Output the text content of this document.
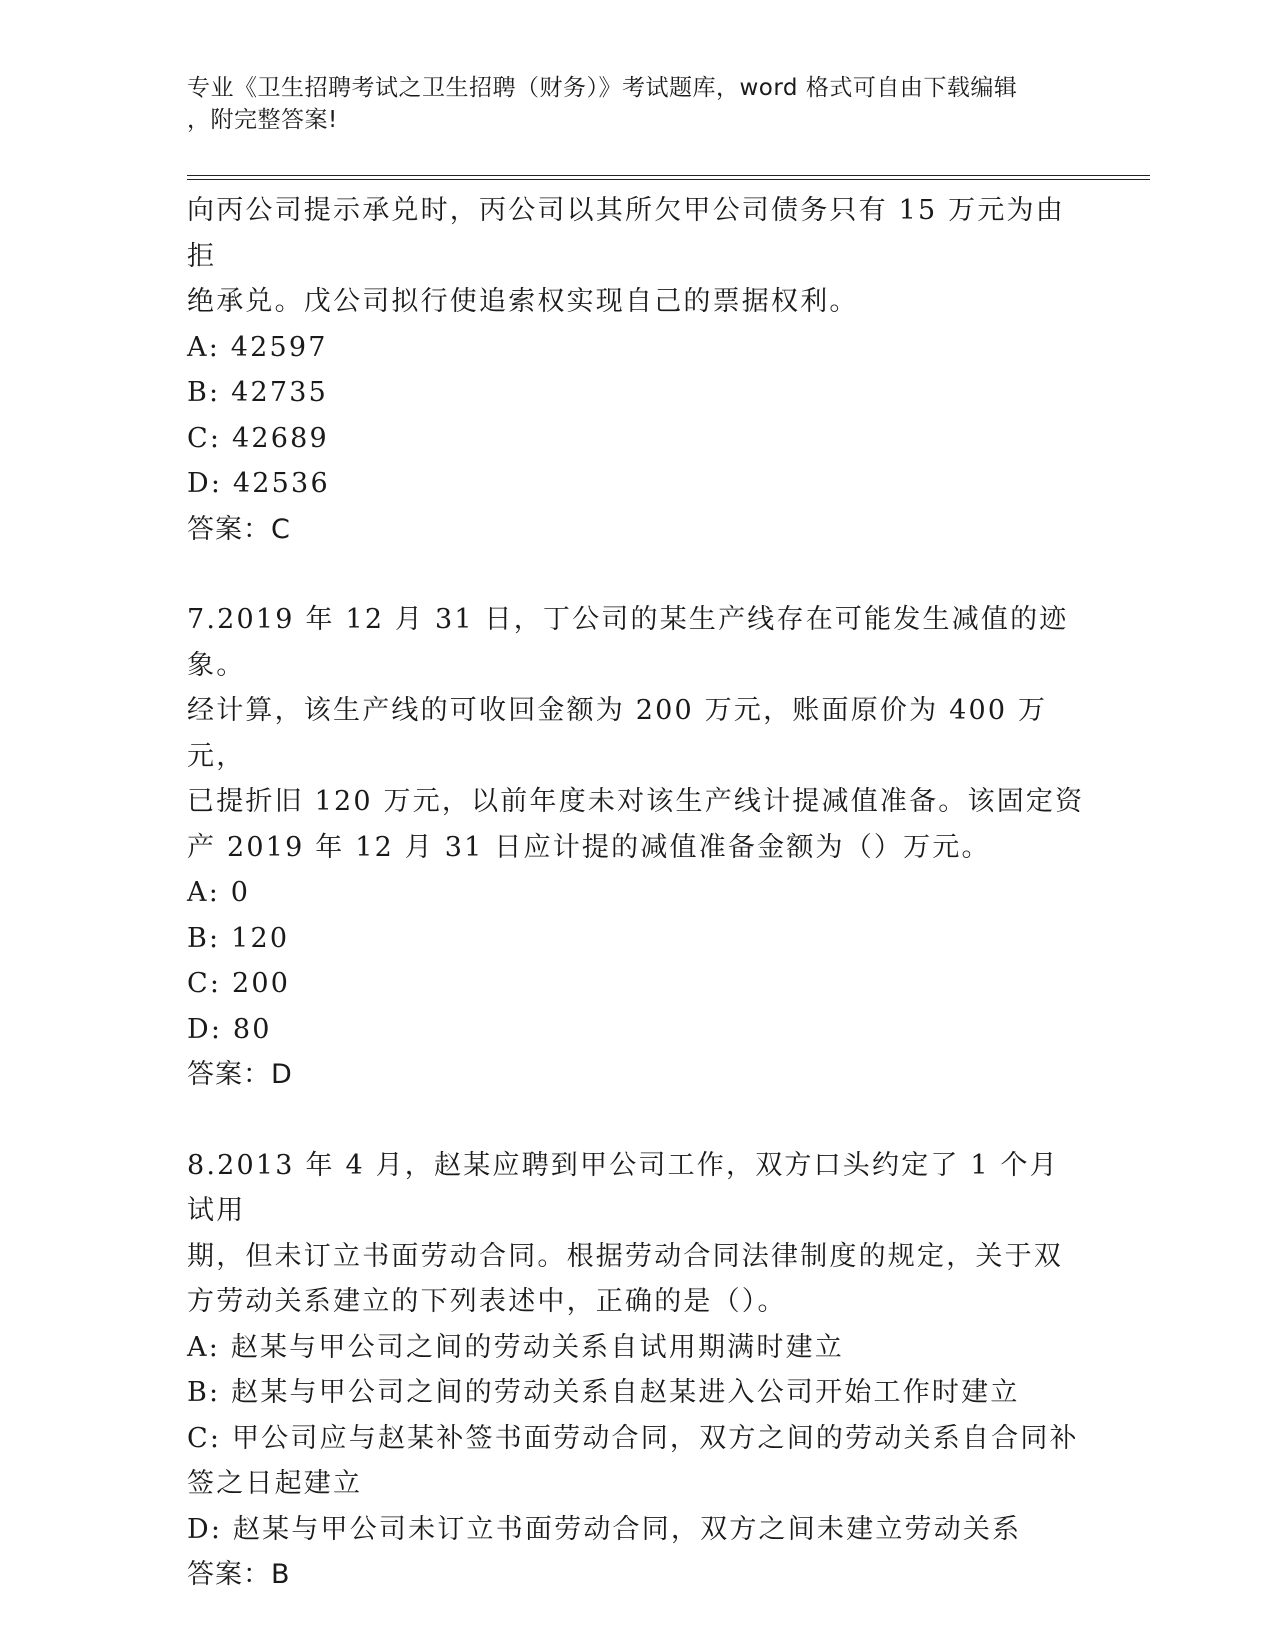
专业《卫生招聘考试之卫生招聘（财务）》考试题库，word 格式可自由下载编辑
，附完整答案!

向丙公司提示承兑时，丙公司以其所欠甲公司债务只有 15 万元为由拒

绝承兑。戊公司拟行使追索权实现自己的票据权利。

A: 42597

B: 42735

C: 42689

D: 42536

答案：C

7.2019 年 12 月 31 日，丁公司的某生产线存在可能发生减值的迹象。

经计算，该生产线的可收回金额为 200 万元，账面原价为 400 万元，

已提折旧 120 万元，以前年度未对该生产线计提减值准备。该固定资

产 2019 年 12 月 31 日应计提的减值准备金额为（）万元。

A: 0

B: 120

C: 200

D: 80

答案：D

8.2013 年 4 月，赵某应聘到甲公司工作，双方口头约定了 1 个月试用

期，但未订立书面劳动合同。根据劳动合同法律制度的规定，关于双

方劳动关系建立的下列表述中，正确的是（）。

A: 赵某与甲公司之间的劳动关系自试用期满时建立

B: 赵某与甲公司之间的劳动关系自赵某进入公司开始工作时建立

C: 甲公司应与赵某补签书面劳动合同，双方之间的劳动关系自合同补

签之日起建立

D: 赵某与甲公司未订立书面劳动合同，双方之间未建立劳动关系

答案：B
